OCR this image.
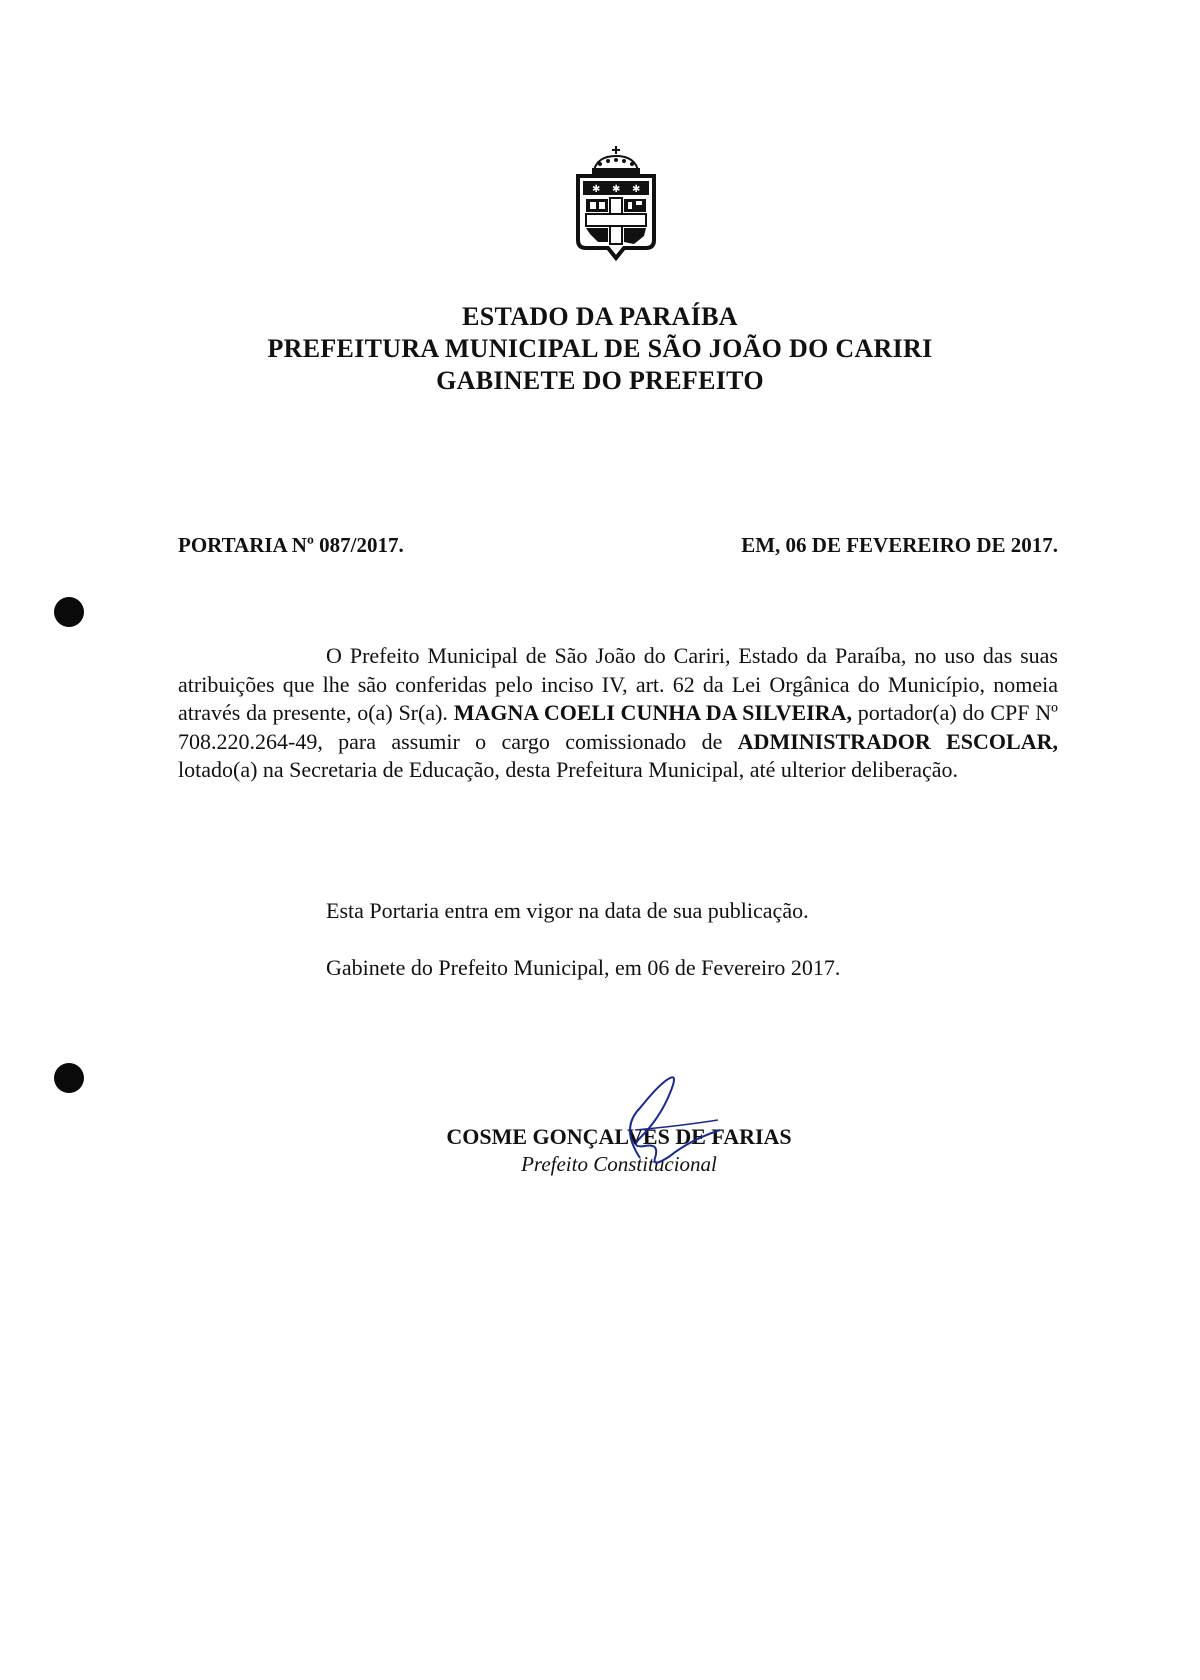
✱ ✱ ✱
ESTADO DA PARAÍBA
PREFEITURA MUNICIPAL DE SÃO JOÃO DO CARIRI
GABINETE DO PREFEITO
PORTARIA Nº 087/2017.	EM, 06 DE FEVEREIRO DE 2017.
O Prefeito Municipal de São João do Cariri, Estado da Paraíba, no uso das suas atribuições que lhe são conferidas pelo inciso IV, art. 62 da Lei Orgânica do Município, nomeia através da presente, o(a) Sr(a). MAGNA COELI CUNHA DA SILVEIRA, portador(a) do CPF Nº 708.220.264-49, para assumir o cargo comissionado de ADMINISTRADOR ESCOLAR, lotado(a) na Secretaria de Educação, desta Prefeitura Municipal, até ulterior deliberação.
Esta Portaria entra em vigor na data de sua publicação.
Gabinete do Prefeito Municipal, em 06 de Fevereiro 2017.
COSME GONÇALVES DE FARIAS
Prefeito Constitucional
